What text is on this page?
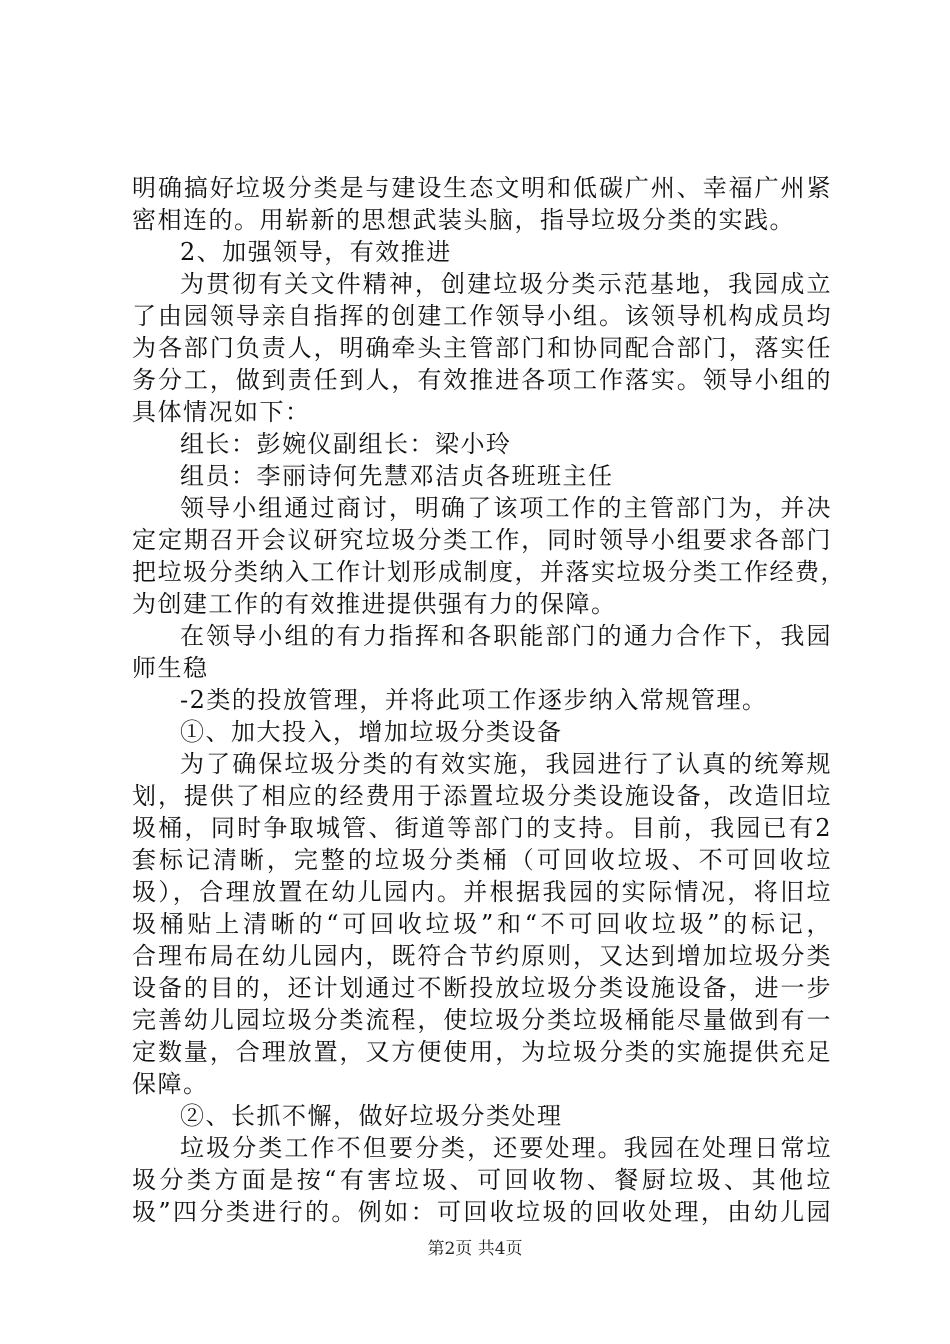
明确搞好垃圾分类是与建设生态文明和低碳广州、幸福广州紧
密相连的。用崭新的思想武装头脑，指导垃圾分类的实践。
2、加强领导，有效推进
为贯彻有关文件精神，创建垃圾分类示范基地，我园成立
了由园领导亲自指挥的创建工作领导小组。该领导机构成员均
为各部门负责人，明确牵头主管部门和协同配合部门，落实任
务分工，做到责任到人，有效推进各项工作落实。领导小组的
具体情况如下：
组长：彭婉仪副组长：梁小玲
组员：李丽诗何先慧邓洁贞各班班主任
领导小组通过商讨，明确了该项工作的主管部门为，并决
定定期召开会议研究垃圾分类工作，同时领导小组要求各部门
把垃圾分类纳入工作计划形成制度，并落实垃圾分类工作经费，
为创建工作的有效推进提供强有力的保障。
在领导小组的有力指挥和各职能部门的通力合作下，我园
师生稳
-2类的投放管理，并将此项工作逐步纳入常规管理。
①、加大投入，增加垃圾分类设备
为了确保垃圾分类的有效实施，我园进行了认真的统筹规
划，提供了相应的经费用于添置垃圾分类设施设备，改造旧垃
圾桶，同时争取城管、街道等部门的支持。目前，我园已有2
套标记清晰，完整的垃圾分类桶（可回收垃圾、不可回收垃
圾），合理放置在幼儿园内。并根据我园的实际情况，将旧垃
圾桶贴上清晰的“可回收垃圾”和“不可回收垃圾”的标记，
合理布局在幼儿园内，既符合节约原则，又达到增加垃圾分类
设备的目的，还计划通过不断投放垃圾分类设施设备，进一步
完善幼儿园垃圾分类流程，使垃圾分类垃圾桶能尽量做到有一
定数量，合理放置，又方便使用，为垃圾分类的实施提供充足
保障。
②、长抓不懈，做好垃圾分类处理
垃圾分类工作不但要分类，还要处理。我园在处理日常垃
圾分类方面是按“有害垃圾、可回收物、餐厨垃圾、其他垃
圾”四分类进行的。例如：可回收垃圾的回收处理，由幼儿园
第2页 共4页
